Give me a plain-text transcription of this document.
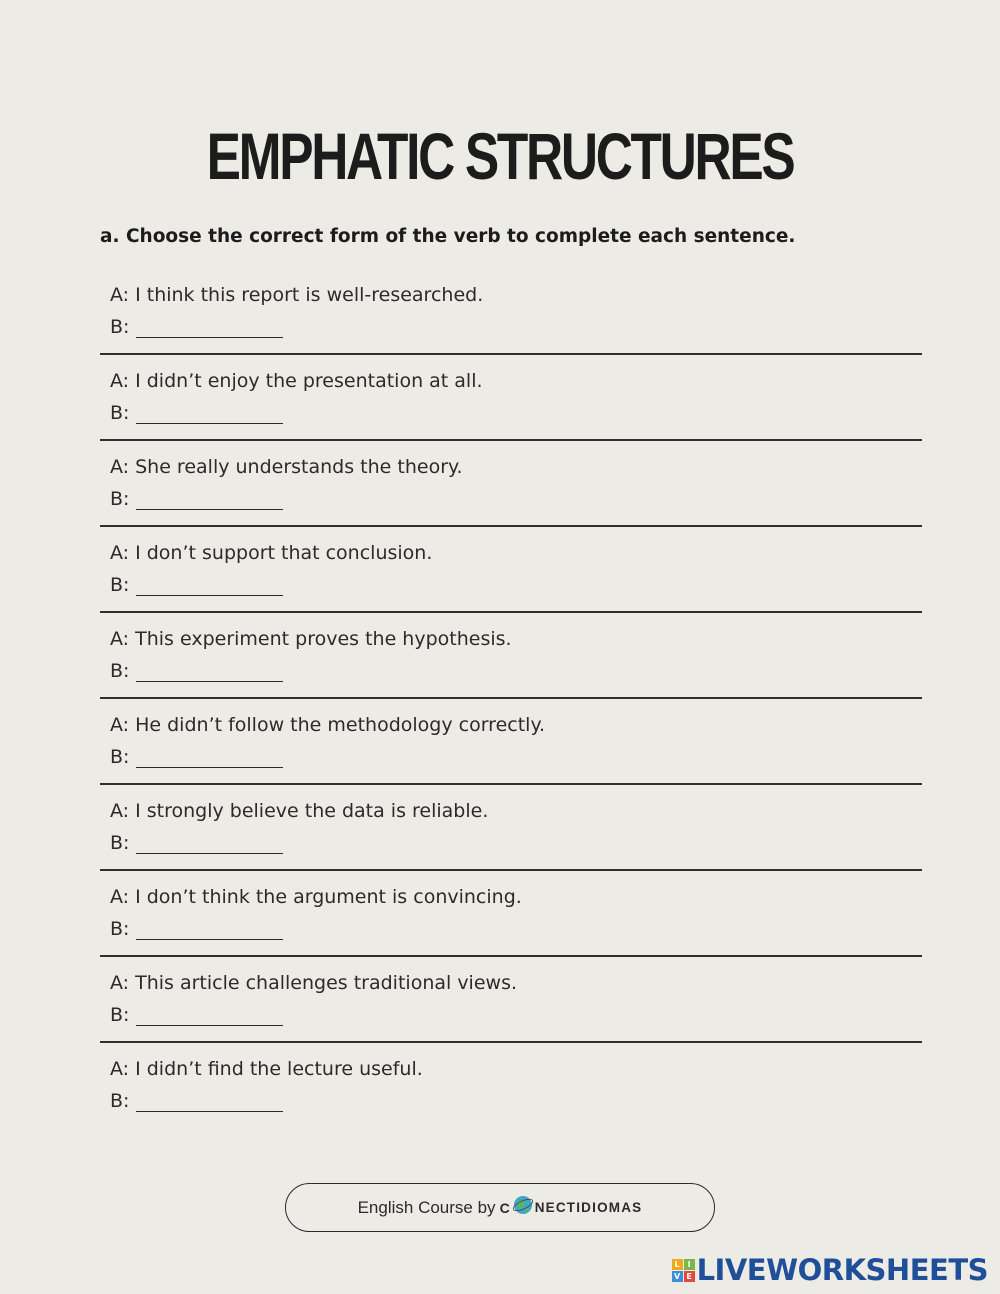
EMPHATIC STRUCTURES
a. Choose the correct form of the verb to complete each sentence.
A: I think this report is well-researched.
B:
A: I didn’t enjoy the presentation at all.
B:
A: She really understands the theory.
B:
A: I don’t support that conclusion.
B:
A: This experiment proves the hypothesis.
B:
A: He didn’t follow the methodology correctly.
B:
A: I strongly believe the data is reliable.
B:
A: I don’t think the argument is convincing.
B:
A: This article challenges traditional views.
B:
A: I didn’t find the lecture useful.
B:
English Course by C NECTIDIOMAS
L I
V E LIVEWORKSHEETS
